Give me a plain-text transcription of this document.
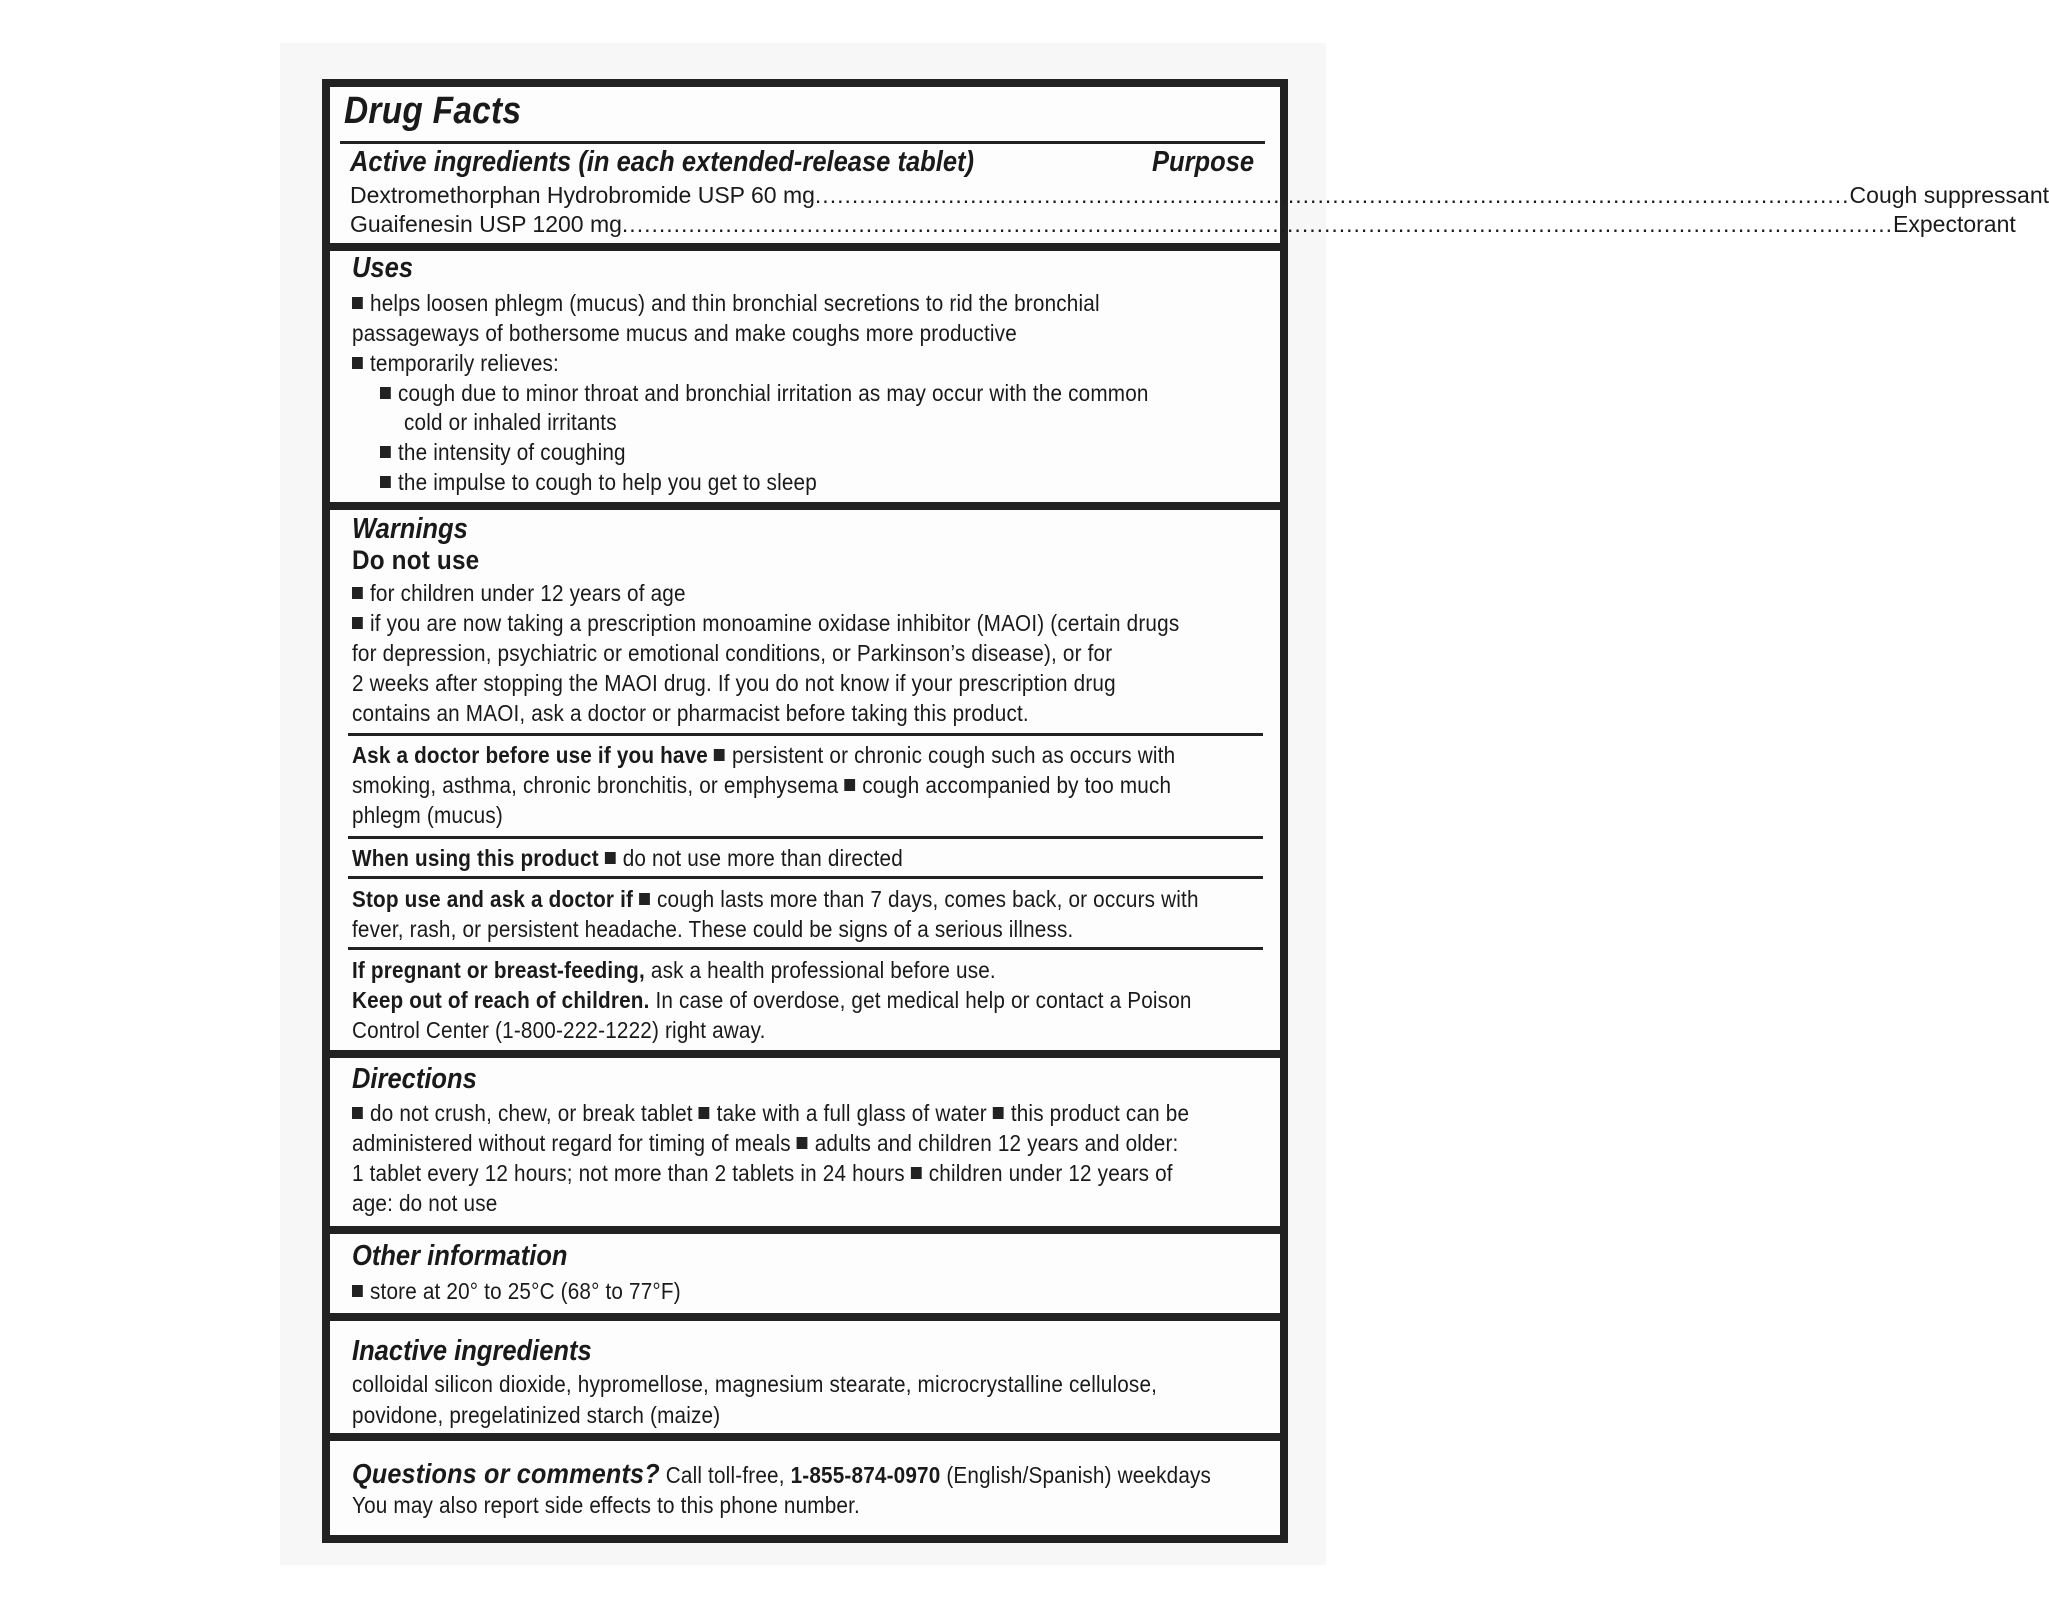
Drug Facts
Active ingredients (in each extended-release tablet)	Purpose
Dextromethorphan Hydrobromide USP 60 mg ............................................................................................................................................ Cough suppressant
Guaifenesin USP 1200 mg ............................................................................................................................................................................ Expectorant
Uses
helps loosen phlegm (mucus) and thin bronchial secretions to rid the bronchial
passageways of bothersome mucus and make coughs more productive
temporarily relieves:
cough due to minor throat and bronchial irritation as may occur with the common
cold or inhaled irritants
the intensity of coughing
the impulse to cough to help you get to sleep
Warnings
Do not use
for children under 12 years of age
if you are now taking a prescription monoamine oxidase inhibitor (MAOI) (certain drugs
for depression, psychiatric or emotional conditions, or Parkinson’s disease), or for
2 weeks after stopping the MAOI drug. If you do not know if your prescription drug
contains an MAOI, ask a doctor or pharmacist before taking this product.
Ask a doctor before use if you have persistent or chronic cough such as occurs with
smoking, asthma, chronic bronchitis, or emphysema cough accompanied by too much
phlegm (mucus)
When using this product do not use more than directed
Stop use and ask a doctor if cough lasts more than 7 days, comes back, or occurs with
fever, rash, or persistent headache. These could be signs of a serious illness.
If pregnant or breast-feeding, ask a health professional before use.
Keep out of reach of children. In case of overdose, get medical help or contact a Poison
Control Center (1-800-222-1222) right away.
Directions
do not crush, chew, or break tablet take with a full glass of water this product can be
administered without regard for timing of meals adults and children 12 years and older:
1 tablet every 12 hours; not more than 2 tablets in 24 hours children under 12 years of
age: do not use
Other information
store at 20° to 25°C (68° to 77°F)
Inactive ingredients
colloidal silicon dioxide, hypromellose, magnesium stearate, microcrystalline cellulose,
povidone, pregelatinized starch (maize)
Questions or comments? Call toll-free, 1-855-874-0970 (English/Spanish) weekdays
You may also report side effects to this phone number.
